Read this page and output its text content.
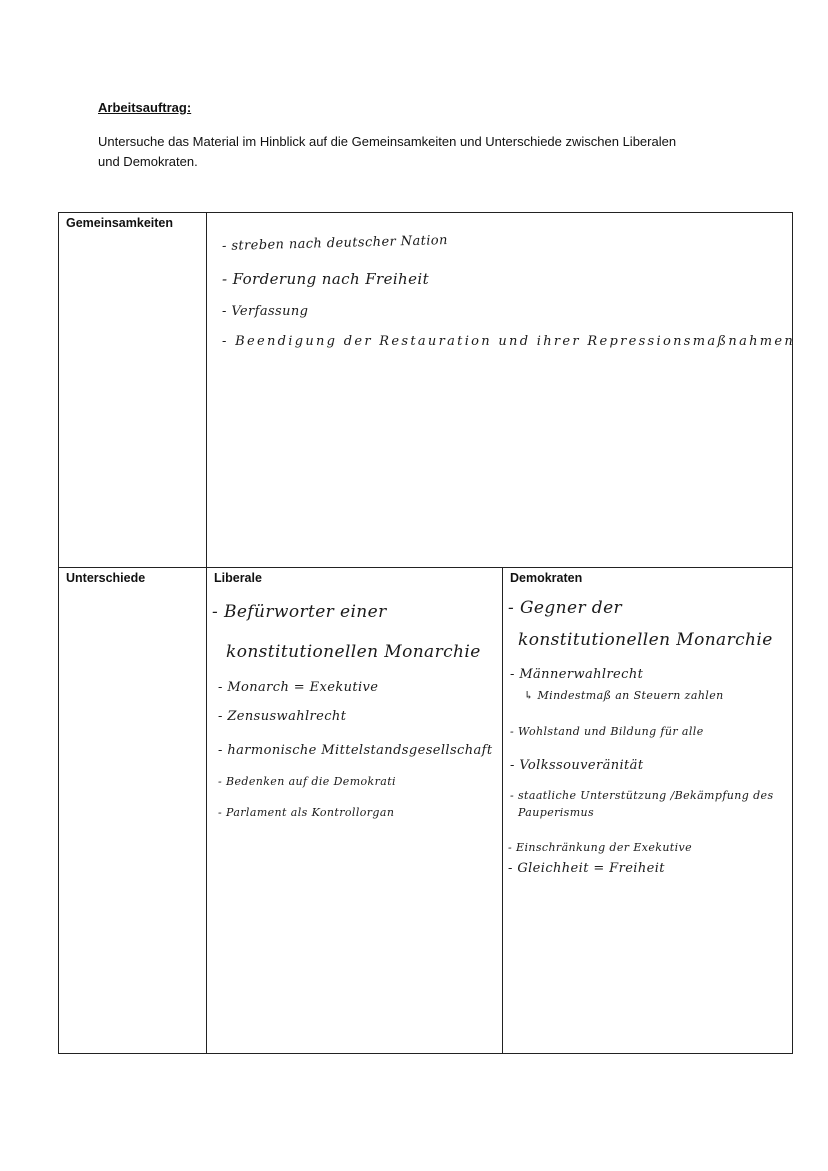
Arbeitsauftrag:
Untersuche das Material im Hinblick auf die Gemeinsamkeiten und Unterschiede zwischen Liberalen
und Demokraten.
Gemeinsamkeiten
Unterschiede	Liberale	Demokraten
- streben nach deutscher Nation
- Forderung nach Freiheit
- Verfassung
- Beendigung der Restauration und ihrer Repressionsmaßnahmen
- Befürworter einer
konstitutionellen Monarchie
- Monarch = Exekutive
- Zensuswahlrecht
- harmonische Mittelstandsgesellschaft
- Bedenken auf die Demokrati
- Parlament als Kontrollorgan
- Gegner der
konstitutionellen Monarchie
- Männerwahlrecht
↳ Mindestmaß an Steuern zahlen
- Wohlstand und Bildung für alle
- Volkssouveränität
- staatliche Unterstützung /Bekämpfung des
Pauperismus
- Einschränkung der Exekutive
- Gleichheit = Freiheit
